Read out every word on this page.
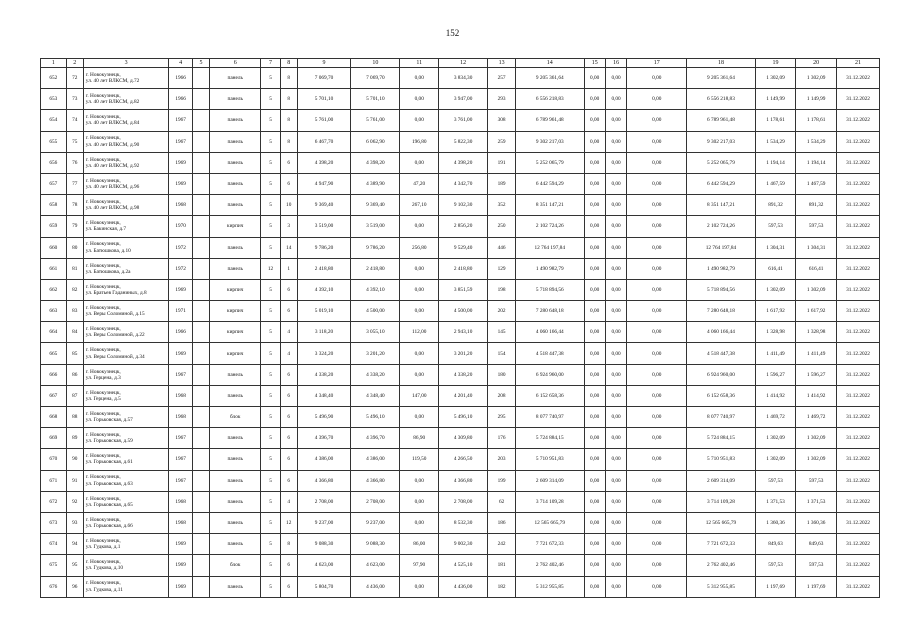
152
1	2	3	4	5	6	7	8	9	10	11	12	13	14	15	16	17	18	19	20	21
652	72	г. Новокузнецк,
ул. 40 лет ВЛКСМ, д.72	1966		панель	5	8	7 069,70	7 069,70	0,00	3 834,30	257	9 205 361,64	0,00	0,00	0,00	9 205 361,64	1 302,09	1 302,09	31.12.2022
653	73	г. Новокузнецк,
ул. 40 лет ВЛКСМ, д.82	1966		панель	5	8	5 701,10	5 701,10	0,00	3 947,00	293	6 556 218,83	0,00	0,00	0,00	6 556 218,83	1 149,99	1 149,99	31.12.2022
654	74	г. Новокузнецк,
ул. 40 лет ВЛКСМ, д.84	1967		панель	5	8	5 761,00	5 761,00	0,00	3 761,00	308	6 789 961,48	0,00	0,00	0,00	6 789 961,48	1 178,61	1 178,61	31.12.2022
655	75	г. Новокузнецк,
ул. 40 лет ВЛКСМ, д.90	1967		панель	5	8	6 467,70	6 062,90	196,80	5 822,30	259	9 302 217,03	0,00	0,00	0,00	9 302 217,03	1 534,29	1 534,29	31.12.2022
656	76	г. Новокузнецк,
ул. 40 лет ВЛКСМ, д.92	1969		панель	5	6	4 398,20	4 398,20	0,00	4 398,20	191	5 252 065,79	0,00	0,00	0,00	5 252 065,79	1 194,14	1 194,14	31.12.2022
657	77	г. Новокузнецк,
ул. 40 лет ВЛКСМ, д.96	1969		панель	5	6	4 947,90	4 389,90	47,20	4 342,70	189	6 442 594,29	0,00	0,00	0,00	6 442 594,29	1 467,59	1 467,59	31.12.2022
658	78	г. Новокузнецк,
ул. 40 лет ВЛКСМ, д.98	1968		панель	5	10	9 369,40	9 369,40	267,10	9 102,30	352	8 351 147,21	0,00	0,00	0,00	8 351 147,21	891,32	891,32	31.12.2022
659	79	г. Новокузнецк,
ул. Бакинская, д.7	1970		кирпич	5	3	3 519,00	3 519,00	0,00	2 856,20	250	2 102 724,26	0,00	0,00	0,00	2 102 724,26	597,53	597,53	31.12.2022
660	80	г. Новокузнецк,
ул. Батюшкова, д.10	1972		панель	5	14	9 786,20	9 786,20	256,80	9 529,40	446	12 764 197,84	0,00	0,00	0,00	12 764 197,84	1 304,31	1 304,31	31.12.2022
661	81	г. Новокузнецк,
ул. Батюшкова, д.2а	1972		панель	12	1	2 418,80	2 418,80	0,00	2 418,80	129	1 490 982,79	0,00	0,00	0,00	1 490 982,79	616,41	616,41	31.12.2022
662	82	г. Новокузнецк,
ул. Братьев Гаданиных, д.8	1969		кирпич	5	6	4 392,10	4 392,10	0,00	3 851,59	198	5 718 894,56	0,00	0,00	0,00	5 718 894,56	1 302,09	1 302,09	31.12.2022
663	83	г. Новокузнецк,
ул. Веры Соломиной, д.15	1971		кирпич	5	6	5 019,10	4 500,00	0,00	4 500,00	202	7 280 648,18	0,00	0,00	0,00	7 280 648,18	1 617,92	1 617,92	31.12.2022
664	84	г. Новокузнецк,
ул. Веры Соломиной, д.22	1966		кирпич	5	4	3 118,20	3 055,10	112,00	2 943,10	145	4 060 166,44	0,00	0,00	0,00	4 060 166,44	1 328,98	1 328,98	31.12.2022
665	85	г. Новокузнецк,
ул. Веры Соломиной, д.34	1969		кирпич	5	4	3 324,20	3 201,20	0,00	3 201,20	154	4 518 447,38	0,00	0,00	0,00	4 518 447,38	1 411,49	1 411,49	31.12.2022
666	86	г. Новокузнецк,
ул. Герцена, д.3	1967		панель	5	6	4 338,20	4 338,20	0,00	4 338,20	180	6 924 960,00	0,00	0,00	0,00	6 924 960,00	1 596,27	1 596,27	31.12.2022
667	87	г. Новокузнецк,
ул. Герцена, д.5	1968		панель	5	6	4 348,40	4 348,40	147,00	4 201,40	208	6 152 658,36	0,00	0,00	0,00	6 152 658,36	1 414,92	1 414,92	31.12.2022
668	88	г. Новокузнецк,
ул. Горьковская, д.57	1968		блок	5	6	5 496,90	5 496,10	0,00	5 496,10	295	8 077 740,97	0,00	0,00	0,00	8 077 740,97	1 469,72	1 469,72	31.12.2022
669	89	г. Новокузнецк,
ул. Горьковская, д.59	1967		панель	5	6	4 396,70	4 396,70	86,90	4 309,80	176	5 724 884,15	0,00	0,00	0,00	5 724 884,15	1 302,09	1 302,09	31.12.2022
670	90	г. Новокузнецк,
ул. Горьковская, д.61	1967		панель	5	6	4 386,00	4 386,00	119,50	4 266,50	203	5 710 951,83	0,00	0,00	0,00	5 710 951,83	1 302,09	1 302,09	31.12.2022
671	91	г. Новокузнецк,
ул. Горьковская, д.63	1967		панель	5	6	4 366,80	4 366,80	0,00	4 366,80	199	2 609 314,09	0,00	0,00	0,00	2 609 314,09	597,53	597,53	31.12.2022
672	92	г. Новокузнецк,
ул. Горьковская, д.65	1968		панель	5	4	2 708,00	2 708,00	0,00	2 708,00	62	3 714 109,28	0,00	0,00	0,00	3 714 109,28	1 371,53	1 371,53	31.12.2022
673	93	г. Новокузнецк,
ул. Горьковская, д.66	1968		панель	5	12	9 237,00	9 237,00	0,00	8 532,30	186	12 565 665,79	0,00	0,00	0,00	12 565 665,79	1 360,36	1 360,36	31.12.2022
674	94	г. Новокузнецк,
ул. Гудкова, д.1	1969		панель	5	8	9 088,30	9 088,30	86,00	9 002,30	242	7 721 672,33	0,00	0,00	0,00	7 721 672,33	849,63	849,63	31.12.2022
675	95	г. Новокузнецк,
ул. Гудкова, д.10	1969		блок	5	6	4 623,00	4 623,00	97,90	4 525,10	181	2 762 402,46	0,00	0,00	0,00	2 762 402,46	597,53	597,53	31.12.2022
676	96	г. Новокузнецк,
ул. Гудкова, д.11	1969		панель	5	6	5 804,70	4 436,00	0,00	4 436,00	182	5 312 955,85	0,00	0,00	0,00	5 312 955,85	1 197,69	1 197,69	31.12.2022
